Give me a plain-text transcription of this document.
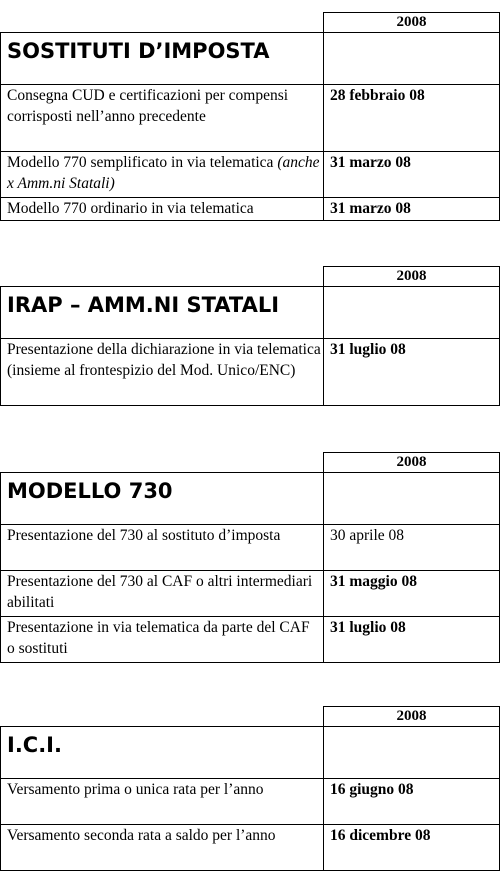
	2008
SOSTITUTI D’IMPOSTA	
Consegna CUD e certificazioni per compensi corrisposti nell’anno precedente	28 febbraio 08
Modello 770 semplificato in via telematica (anche x Amm.ni Statali)	31 marzo 08
Modello 770 ordinario in via telematica	31 marzo 08
	2008
IRAP – AMM.NI STATALI	
Presentazione della dichiarazione in via telematica (insieme al frontespizio del Mod. Unico/ENC)	31 luglio 08
	2008
MODELLO 730	
Presentazione del 730 al sostituto d’imposta	30 aprile 08
Presentazione del 730 al CAF o altri intermediari abilitati	31 maggio 08
Presentazione in via telematica da parte del CAF o sostituti	31 luglio 08
	2008
I.C.I.	
Versamento prima o unica rata per l’anno	16 giugno 08
Versamento seconda rata a saldo per l’anno	16 dicembre 08
